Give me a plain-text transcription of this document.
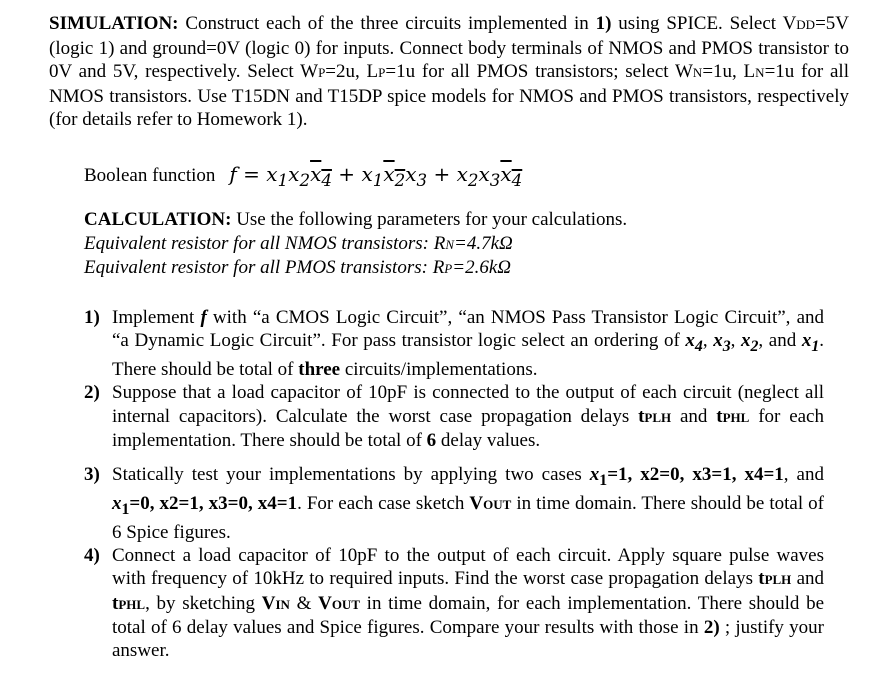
SIMULATION: Construct each of the three circuits implemented in 1) using SPICE. Select VDD=5V (logic 1) and ground=0V (logic 0) for inputs. Connect body terminals of NMOS and PMOS transistor to 0V and 5V, respectively. Select WP=2u, LP=1u for all PMOS transistors; select WN=1u, LN=1u for all NMOS transistors. Use T15DN and T15DP spice models for NMOS and PMOS transistors, respectively (for details refer to Homework 1).
Boolean function $f = x_1x_2x_4 + x_1x_2x_3 + x_2x_3x_4$
CALCULATION: Use the following parameters for your calculations.
Equivalent resistor for all NMOS transistors: RN=4.7kΩ
Equivalent resistor for all PMOS transistors: RP=2.6kΩ
1) Implement f with “a CMOS Logic Circuit”, “an NMOS Pass Transistor Logic Circuit”, and “a Dynamic Logic Circuit”. For pass transistor logic select an ordering of $x_4$, $x_3$, $x_2$, and $x_1$. There should be total of three circuits/implementations.
2) Suppose that a load capacitor of 10pF is connected to the output of each circuit (neglect all internal capacitors). Calculate the worst case propagation delays tPLH and tPHL for each implementation. There should be total of 6 delay values.
3) Statically test your implementations by applying two cases $x_1=1$, x2=0, x3=1, x4=1, and $x_1=0$, x2=1, x3=0, x4=1. For each case sketch VOUT in time domain. There should be total of 6 Spice figures.
4) Connect a load capacitor of 10pF to the output of each circuit. Apply square pulse waves with frequency of 10kHz to required inputs. Find the worst case propagation delays tPLH and tPHL, by sketching VIN & VOUT in time domain, for each implementation. There should be total of 6 delay values and Spice figures. Compare your results with those in 2) ; justify your answer.
